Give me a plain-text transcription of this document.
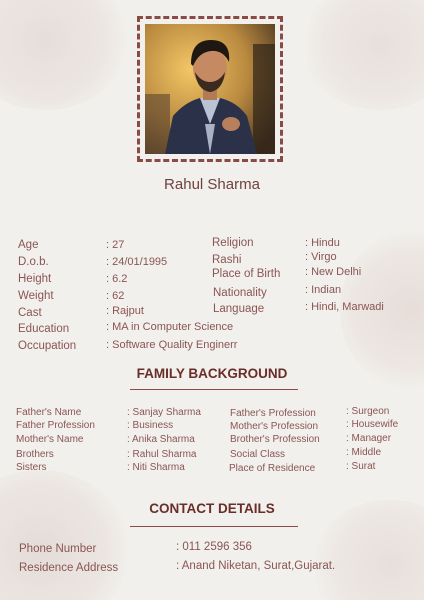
Rahul Sharma
Age	: 27
D.o.b.	: 24/01/1995
Height	: 6.2
Weight	: 62
Cast	: Rajput
Education	: MA in Computer Science
Occupation	: Software Quality Enginerr
Religion	: Hindu
Rashi	: Virgo
Place of Birth : New Delhi
Nationality	: Indian
Language	: Hindi, Marwadi
FAMILY BACKGROUND
Father's Name	: Sanjay Sharma
Father Profession	: Business
Mother's Name	: Anika Sharma
Brothers	: Rahul Sharma
Sisters	: Niti Sharma
Father's Profession	: Surgeon
Mother's Profession	: Housewife
Brother's Profession	: Manager
Social Class	: Middle
Place of Residence	: Surat
CONTACT DETAILS
Phone Number	: 011 2596 356
Residence Address	: Anand Niketan, Surat,Gujarat.
